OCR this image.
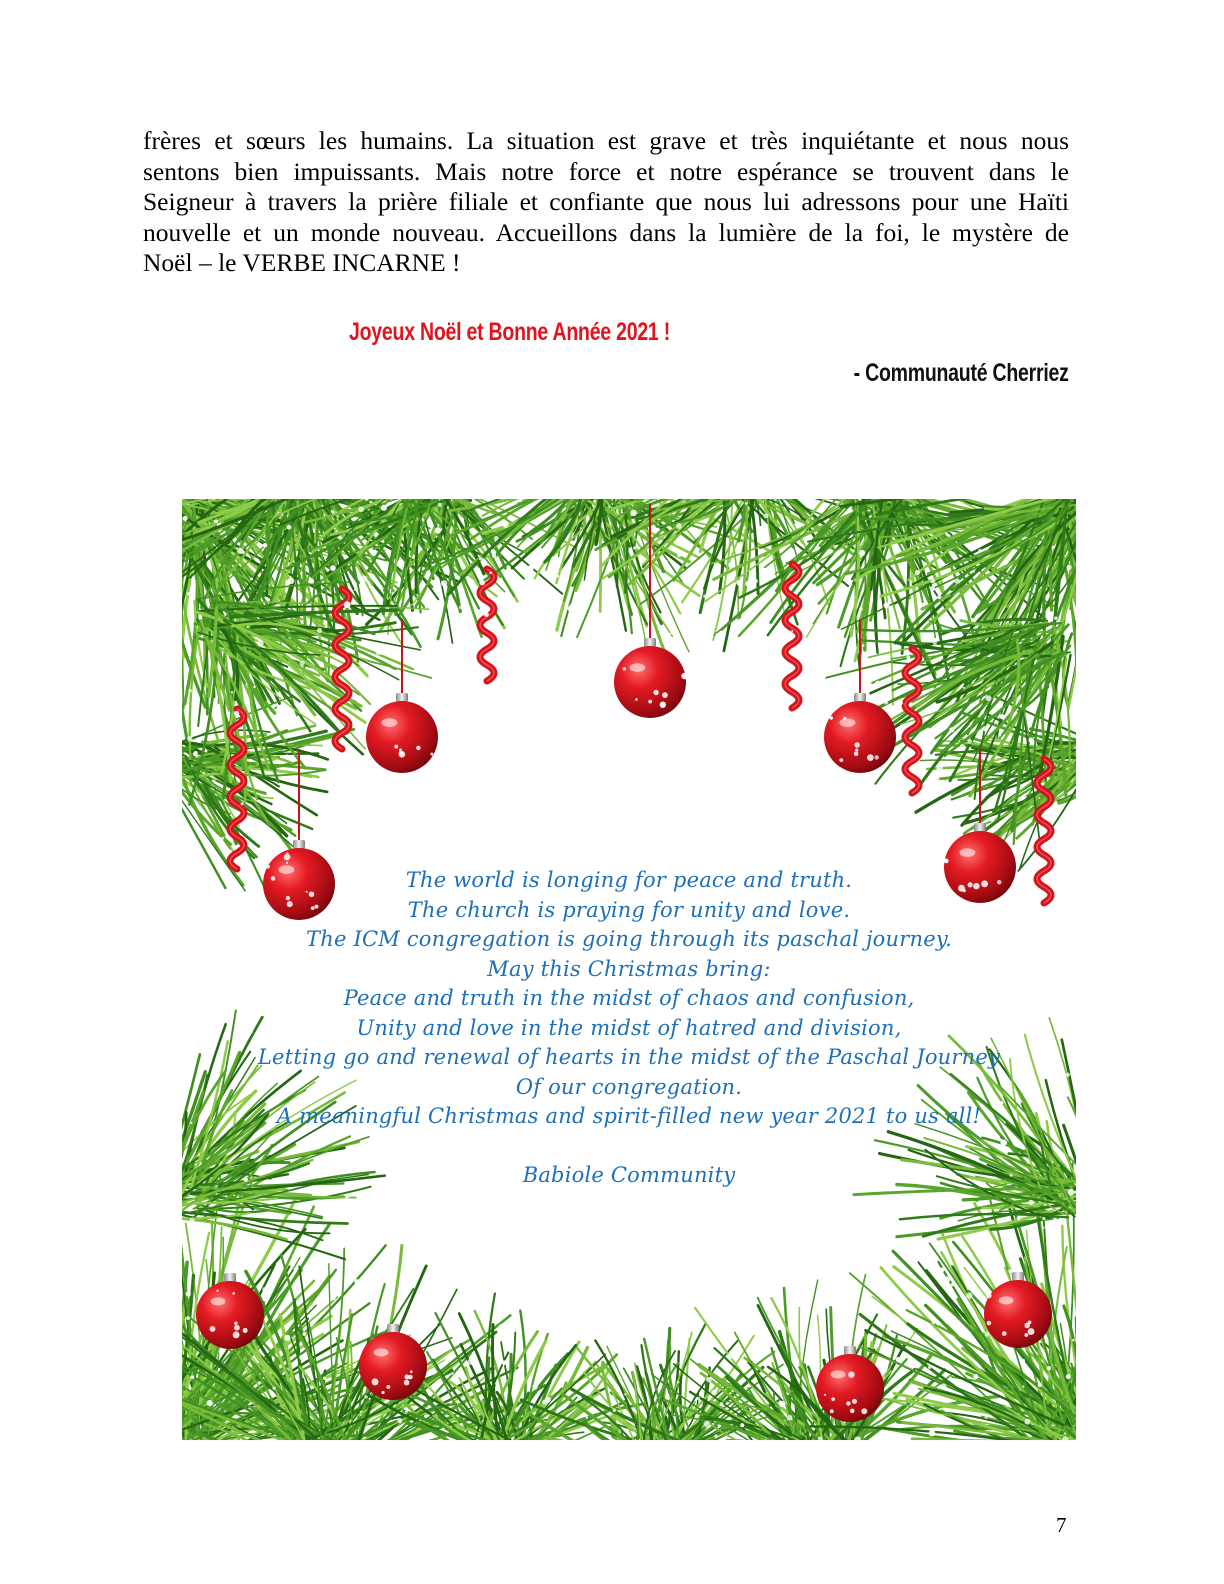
frères et sœurs les humains. La situation est grave et très inquiétante et nous nous
sentons bien impuissants. Mais notre force et notre espérance se trouvent dans le
Seigneur à travers la prière filiale et confiante que nous lui adressons pour une Haïti
nouvelle et un monde nouveau. Accueillons dans la lumière de la foi, le mystère de
Noël – le VERBE INCARNE !
Joyeux Noël et Bonne Année 2021 !
- Communauté Cherriez
The world is longing for peace and truth.
The church is praying for unity and love.
The ICM congregation is going through its paschal journey.
May this Christmas bring:
Peace and truth in the midst of chaos and confusion,
Unity and love in the midst of hatred and division,
Letting go and renewal of hearts in the midst of the Paschal Journey
Of our congregation.
A meaningful Christmas and spirit-filled new year 2021 to us all!
Babiole Community
7
